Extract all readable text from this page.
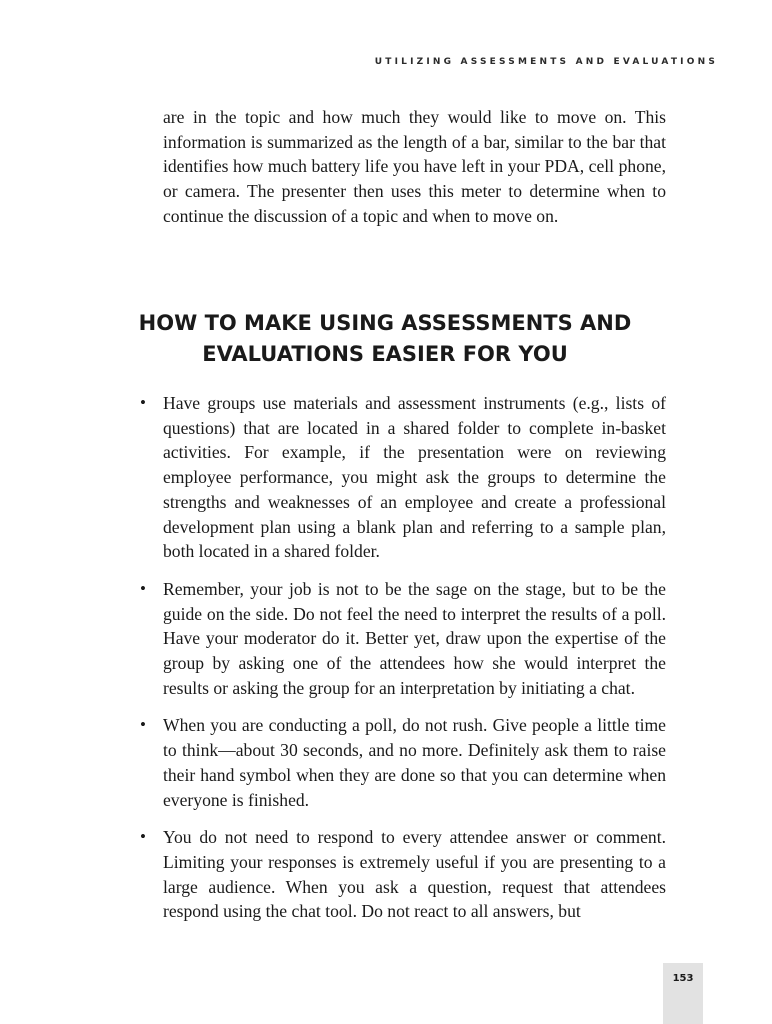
UTILIZING ASSESSMENTS AND EVALUATIONS

are in the topic and how much they would like to move on. This information is summarized as the length of a bar, similar to the bar that identifies how much battery life you have left in your PDA, cell phone, or camera. The presenter then uses this meter to determine when to continue the discussion of a topic and when to move on.

HOW TO MAKE USING ASSESSMENTS AND
EVALUATIONS EASIER FOR YOU
• Have groups use materials and assessment instruments (e.g., lists of questions) that are located in a shared folder to complete in-basket activities. For example, if the presentation were on reviewing employee performance, you might ask the groups to determine the strengths and weaknesses of an employee and create a professional development plan using a blank plan and referring to a sample plan, both located in a shared folder.
• Remember, your job is not to be the sage on the stage, but to be the guide on the side. Do not feel the need to interpret the results of a poll. Have your moderator do it. Better yet, draw upon the expertise of the group by asking one of the attendees how she would interpret the results or asking the group for an interpretation by initiating a chat.
• When you are conducting a poll, do not rush. Give people a little time to think—about 30 seconds, and no more. Definitely ask them to raise their hand symbol when they are done so that you can determine when everyone is finished.
• You do not need to respond to every attendee answer or comment. Limiting your responses is extremely useful if you are presenting to a large audience. When you ask a question, request that attendees respond using the chat tool. Do not react to all answers, but
153
